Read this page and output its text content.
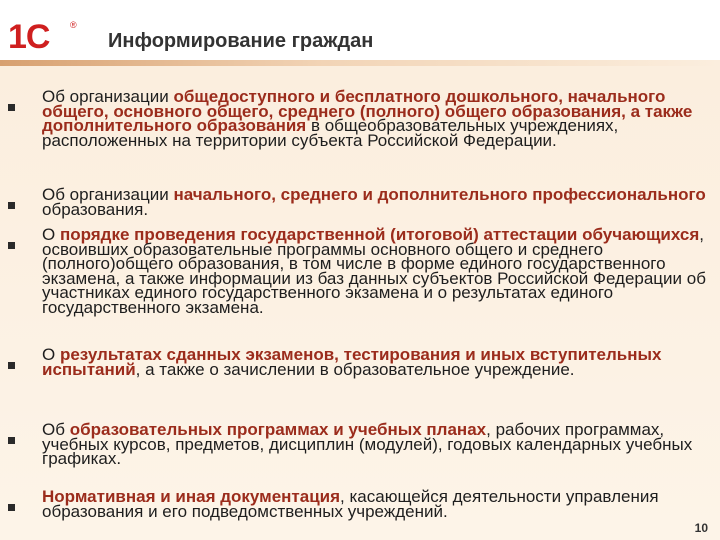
1С ®
Информирование граждан
Об организации общедоступного и бесплатного дошкольного, начального общего, основного общего, среднего (полного) общего образования, а также дополнительного образования в общеобразовательных учреждениях, расположенных на территории субъекта Российской Федерации.
Об организации начального, среднего и дополнительного профессионального образования.
О порядке проведения государственной (итоговой) аттестации обучающихся, освоивших образовательные программы основного общего и среднего (полного)общего образования, в том числе в форме единого государственного экзамена, а также информации из баз данных субъектов Российской Федерации об участниках единого государственного экзамена и о результатах единого государственного экзамена.
О результатах сданных экзаменов, тестирования и иных вступительных испытаний, а также о зачислении в образовательное учреждение.
Об образовательных программах и учебных планах, рабочих программах, учебных курсов, предметов, дисциплин (модулей), годовых календарных учебных графиках.
Нормативная и иная документация, касающейся деятельности управления образования и его подведомственных учреждений.
10
